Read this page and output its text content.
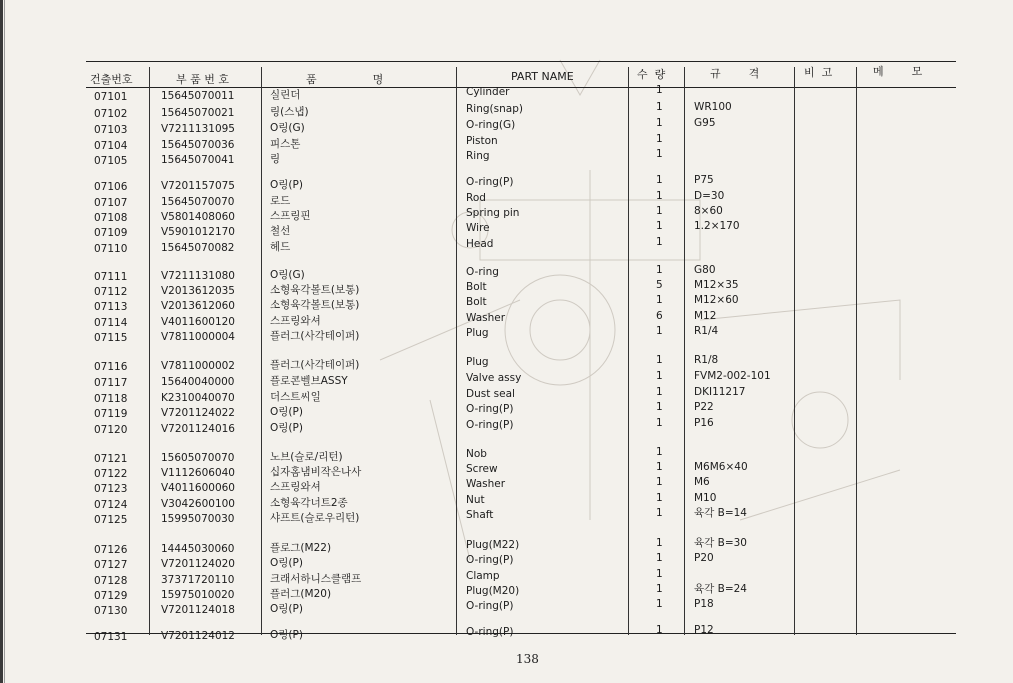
건출번호	부 품 번 호	품                명	PART NAME	수  량	규        격	비  고	메        모
07101	15645070011	실린더	Cylinder	1
07102	15645070021	링(스냅)	Ring(snap)	1	WR100
07103	V7211131095	O링(G)	O-ring(G)	1	G95
07104	15645070036	피스톤	Piston	1
07105	15645070041	링	Ring	1
07106	V7201157075	O링(P)	O-ring(P)	1	P75
07107	15645070070	로드	Rod	1	D=30
07108	V5801408060	스프링핀	Spring pin	1	8×60
07109	V5901012170	철선	Wire	1	1.2×170
07110	15645070082	헤드	Head	1
07111	V7211131080	O링(G)	O-ring	1	G80
07112	V2013612035	소형육각볼트(보통)	Bolt	5	M12×35
07113	V2013612060	소형육각볼트(보통)	Bolt	1	M12×60
07114	V4011600120	스프링와셔	Washer	6	M12
07115	V7811000004	플러그(사각테이퍼)	Plug	1	R1/4
07116	V7811000002	플러그(사각테이퍼)	Plug	1	R1/8
07117	15640040000	플로콘벨브ASSY	Valve assy	1	FVM2-002-101
07118	K2310040070	더스트씨일	Dust seal	1	DKI11217
07119	V7201124022	O링(P)	O-ring(P)	1	P22
07120	V7201124016	O링(P)	O-ring(P)	1	P16
07121	15605070070	노브(슬로/리턴)	Nob	1
07122	V1112606040	십자홈냄비작은나사	Screw	1	M6M6×40
07123	V4011600060	스프링와셔	Washer	1	M6
07124	V3042600100	소형육각너트2종	Nut	1	M10
07125	15995070030	샤프트(슬로우리턴)	Shaft	1	육각 B=14
07126	14445030060	플로그(M22)	Plug(M22)	1	육각 B=30
07127	V7201124020	O링(P)	O-ring(P)	1	P20
07128	37371720110	크래서하니스클램프	Clamp	1
07129	15975010020	플러그(M20)	Plug(M20)	1	육각 B=24
07130	V7201124018	O링(P)	O-ring(P)	1	P18
07131	V7201124012	O링(P)	O-ring(P)	1	P12
138
